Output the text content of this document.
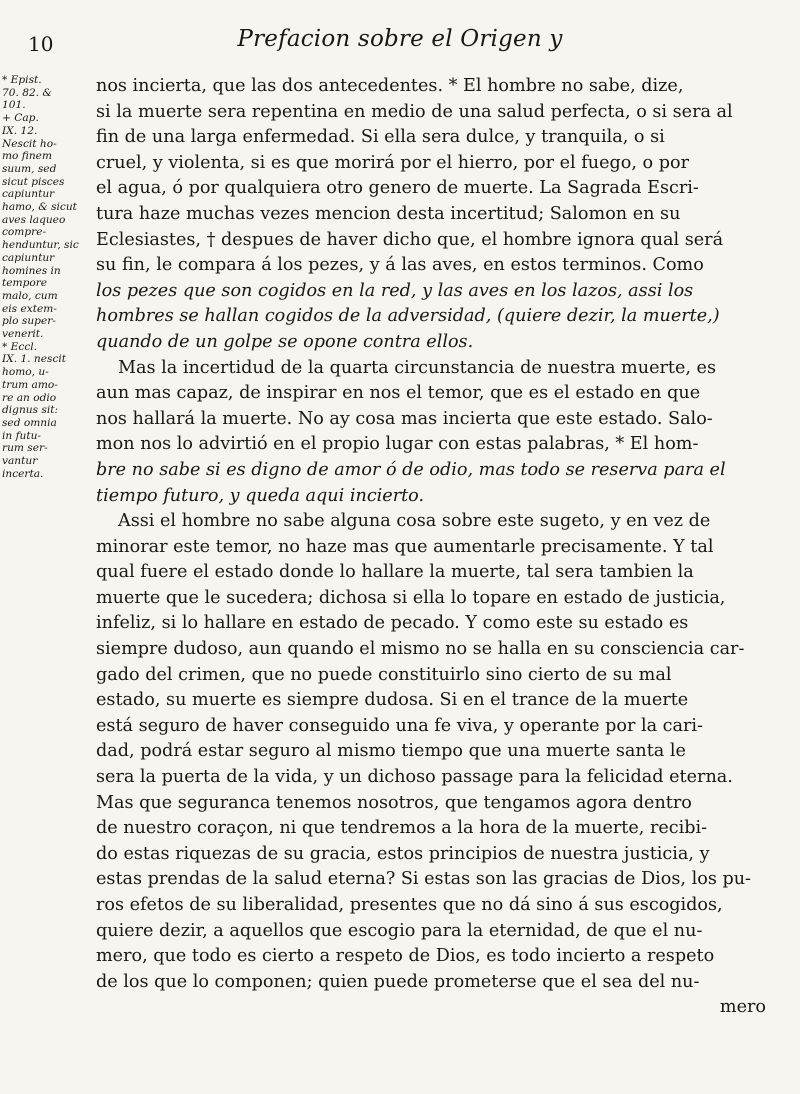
10	Prefacion sobre el Origen y
* Epist.
70. 82. &
101.
+ Cap.
IX. 12.
Nescit ho-
mo finem
suum, sed
sicut pisces
capiuntur
hamo, & sicut
aves laqueo
compre-
henduntur, sic
capiuntur
homines in
tempore
malo, cum
eis extem-
plo super-
venerit.
* Eccl.
IX. 1. nescit
homo, u-
trum amo-
re an odio
dignus sit:
sed omnia
in futu-
rum ser-
vantur
incerta.
nos incierta, que las dos antecedentes. * El hombre no sabe, dize,
si la muerte sera repentina en medio de una salud perfecta, o si sera al
fin de una larga enfermedad. Si ella sera dulce, y tranquila, o si
cruel, y violenta, si es que morirá por el hierro, por el fuego, o por
el agua, ó por qualquiera otro genero de muerte. La Sagrada Escri-
tura haze muchas vezes mencion desta incertitud; Salomon en su
Eclesiastes, † despues de haver dicho que, el hombre ignora qual será
su fin, le compara á los pezes, y á las aves, en estos terminos. Como
los pezes que son cogidos en la red, y las aves en los lazos, assi los
hombres se hallan cogidos de la adversidad, (quiere dezir, la muerte,)
quando de un golpe se opone contra ellos.
Mas la incertidud de la quarta circunstancia de nuestra muerte, es
aun mas capaz, de inspirar en nos el temor, que es el estado en que
nos hallará la muerte. No ay cosa mas incierta que este estado. Salo-
mon nos lo advirtió en el propio lugar con estas palabras, * El hom-
bre no sabe si es digno de amor ó de odio, mas todo se reserva para el
tiempo futuro, y queda aqui incierto.
Assi el hombre no sabe alguna cosa sobre este sugeto, y en vez de
minorar este temor, no haze mas que aumentarle precisamente. Y tal
qual fuere el estado donde lo hallare la muerte, tal sera tambien la
muerte que le sucedera; dichosa si ella lo topare en estado de justicia,
infeliz, si lo hallare en estado de pecado. Y como este su estado es
siempre dudoso, aun quando el mismo no se halla en su consciencia car-
gado del crimen, que no puede constituirlo sino cierto de su mal
estado, su muerte es siempre dudosa. Si en el trance de la muerte
está seguro de haver conseguido una fe viva, y operante por la cari-
dad, podrá estar seguro al mismo tiempo que una muerte santa le
sera la puerta de la vida, y un dichoso passage para la felicidad eterna.
Mas que seguranca tenemos nosotros, que tengamos agora dentro
de nuestro coraçon, ni que tendremos a la hora de la muerte, recibi-
do estas riquezas de su gracia, estos principios de nuestra justicia, y
estas prendas de la salud eterna? Si estas son las gracias de Dios, los pu-
ros efetos de su liberalidad, presentes que no dá sino á sus escogidos,
quiere dezir, a aquellos que escogio para la eternidad, de que el nu-
mero, que todo es cierto a respeto de Dios, es todo incierto a respeto
de los que lo componen; quien puede prometerse que el sea del nu-
mero
